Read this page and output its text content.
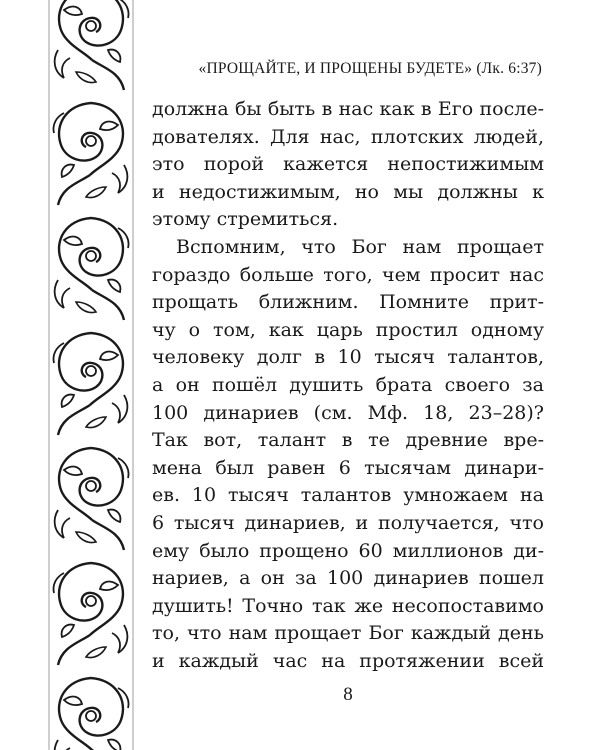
«ПРОЩАЙТЕ, И ПРОЩЕНЫ БУДЕТЕ» (Лк. 6:37)
должна бы быть в нас как в Его после-
дователях. Для нас, плотских людей,
это порой кажется непостижимым
и недостижимым, но мы должны к
этому стремиться.
Вспомним, что Бог нам прощает
гораздо больше того, чем просит нас
прощать ближним. Помните прит-
чу о том, как царь простил одному
человеку долг в 10 тысяч талантов,
а он пошёл душить брата своего за
100 динариев (см. Мф. 18, 23–28)?
Так вот, талант в те древние вре-
мена был равен 6 тысячам динари-
ев. 10 тысяч талантов умножаем на
6 тысяч динариев, и получается, что
ему было прощено 60 миллионов ди-
нариев, а он за 100 динариев пошел
душить! Точно так же несопоставимо
то, что нам прощает Бог каждый день
и каждый час на протяжении всей
8
